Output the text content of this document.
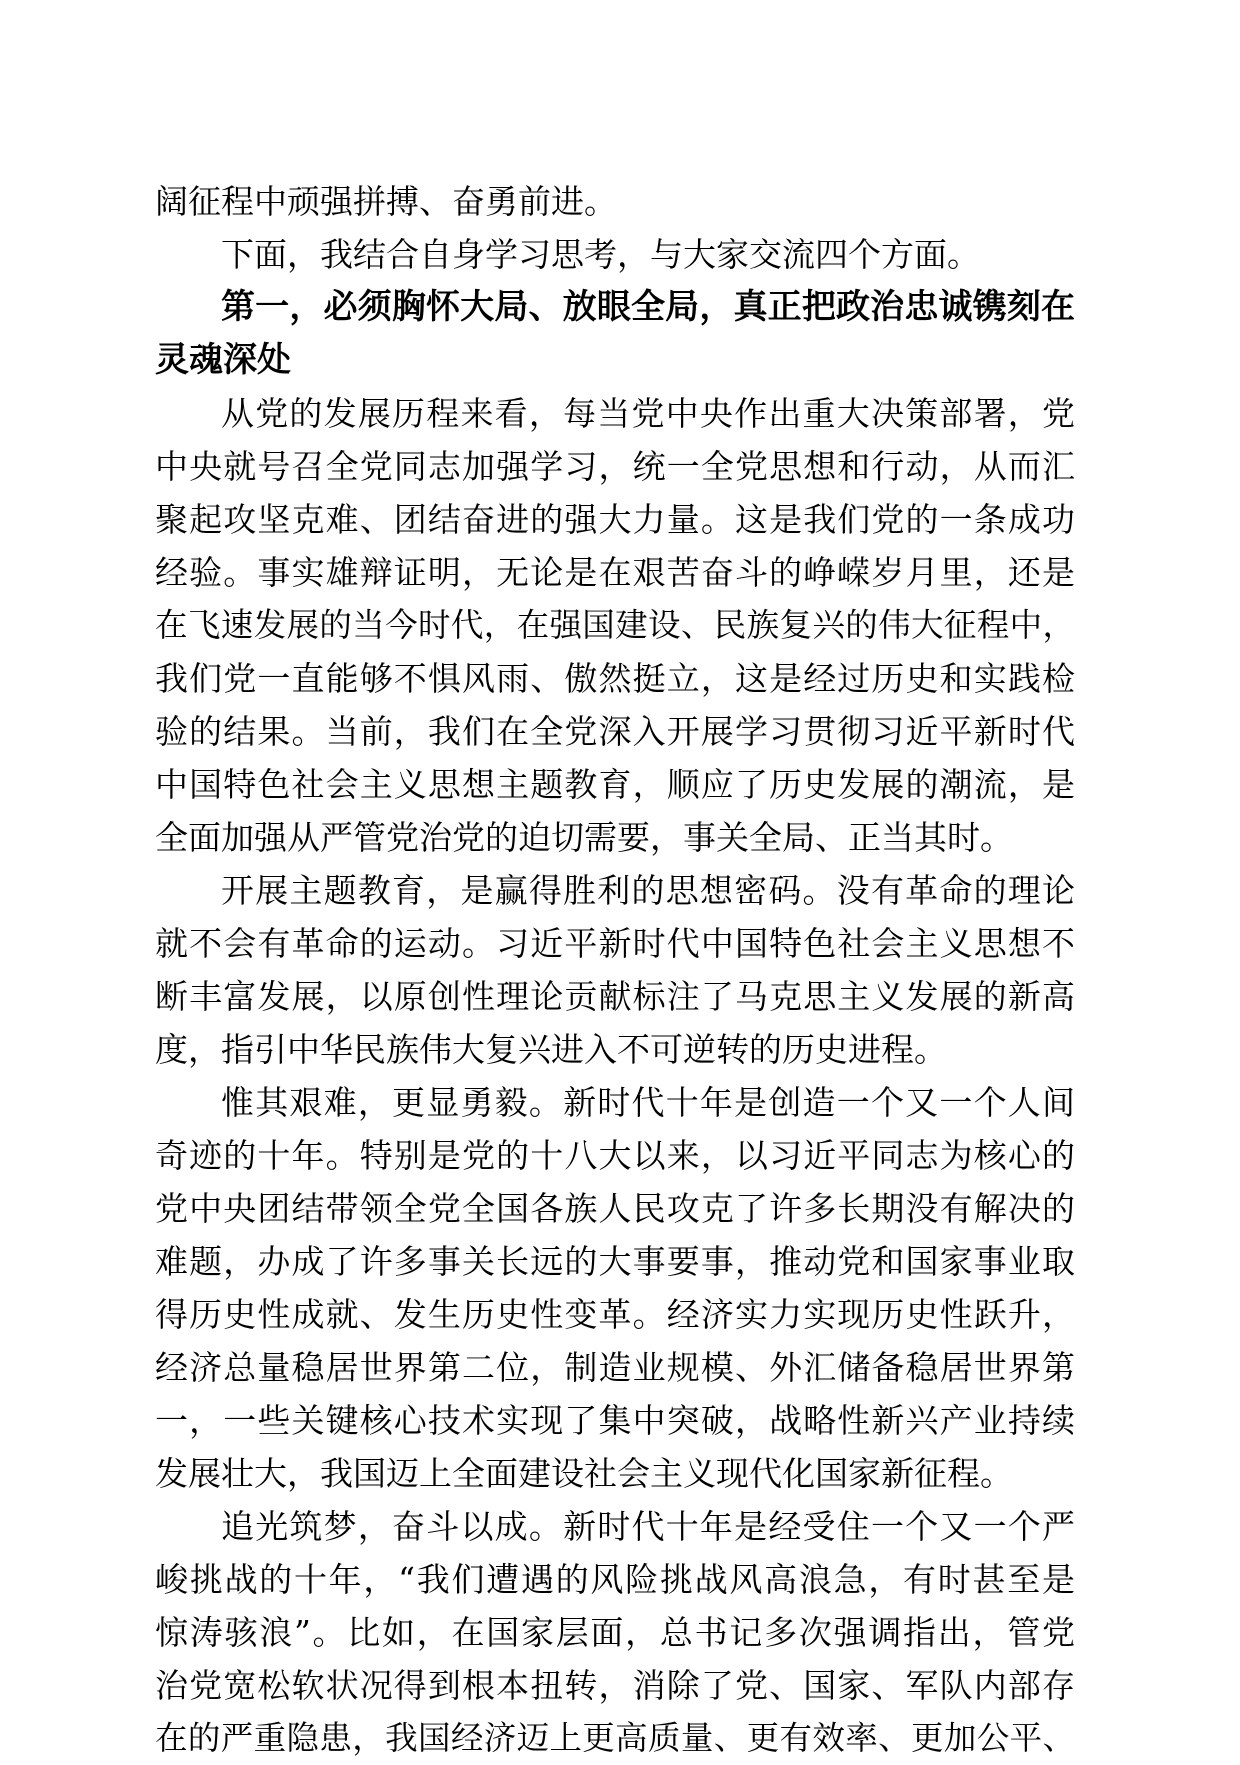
阔征程中顽强拼搏、奋勇前进。
下面，我结合自身学习思考，与大家交流四个方面。
第一，必须胸怀大局、放眼全局，真正把政治忠诚镌刻在
灵魂深处
从党的发展历程来看，每当党中央作出重大决策部署，党
中央就号召全党同志加强学习，统一全党思想和行动，从而汇
聚起攻坚克难、团结奋进的强大力量。这是我们党的一条成功
经验。事实雄辩证明，无论是在艰苦奋斗的峥嵘岁月里，还是
在飞速发展的当今时代，在强国建设、民族复兴的伟大征程中，
我们党一直能够不惧风雨、傲然挺立，这是经过历史和实践检
验的结果。当前，我们在全党深入开展学习贯彻习近平新时代
中国特色社会主义思想主题教育，顺应了历史发展的潮流，是
全面加强从严管党治党的迫切需要，事关全局、正当其时。
开展主题教育，是赢得胜利的思想密码。没有革命的理论
就不会有革命的运动。习近平新时代中国特色社会主义思想不
断丰富发展，以原创性理论贡献标注了马克思主义发展的新高
度，指引中华民族伟大复兴进入不可逆转的历史进程。
惟其艰难，更显勇毅。新时代十年是创造一个又一个人间
奇迹的十年。特别是党的十八大以来，以习近平同志为核心的
党中央团结带领全党全国各族人民攻克了许多长期没有解决的
难题，办成了许多事关长远的大事要事，推动党和国家事业取
得历史性成就、发生历史性变革。经济实力实现历史性跃升，
经济总量稳居世界第二位，制造业规模、外汇储备稳居世界第
一，一些关键核心技术实现了集中突破，战略性新兴产业持续
发展壮大，我国迈上全面建设社会主义现代化国家新征程。
追光筑梦，奋斗以成。新时代十年是经受住一个又一个严
峻挑战的十年，“我们遭遇的风险挑战风高浪急，有时甚至是
惊涛骇浪”。比如，在国家层面，总书记多次强调指出，管党
治党宽松软状况得到根本扭转，消除了党、国家、军队内部存
在的严重隐患，我国经济迈上更高质量、更有效率、更加公平、
